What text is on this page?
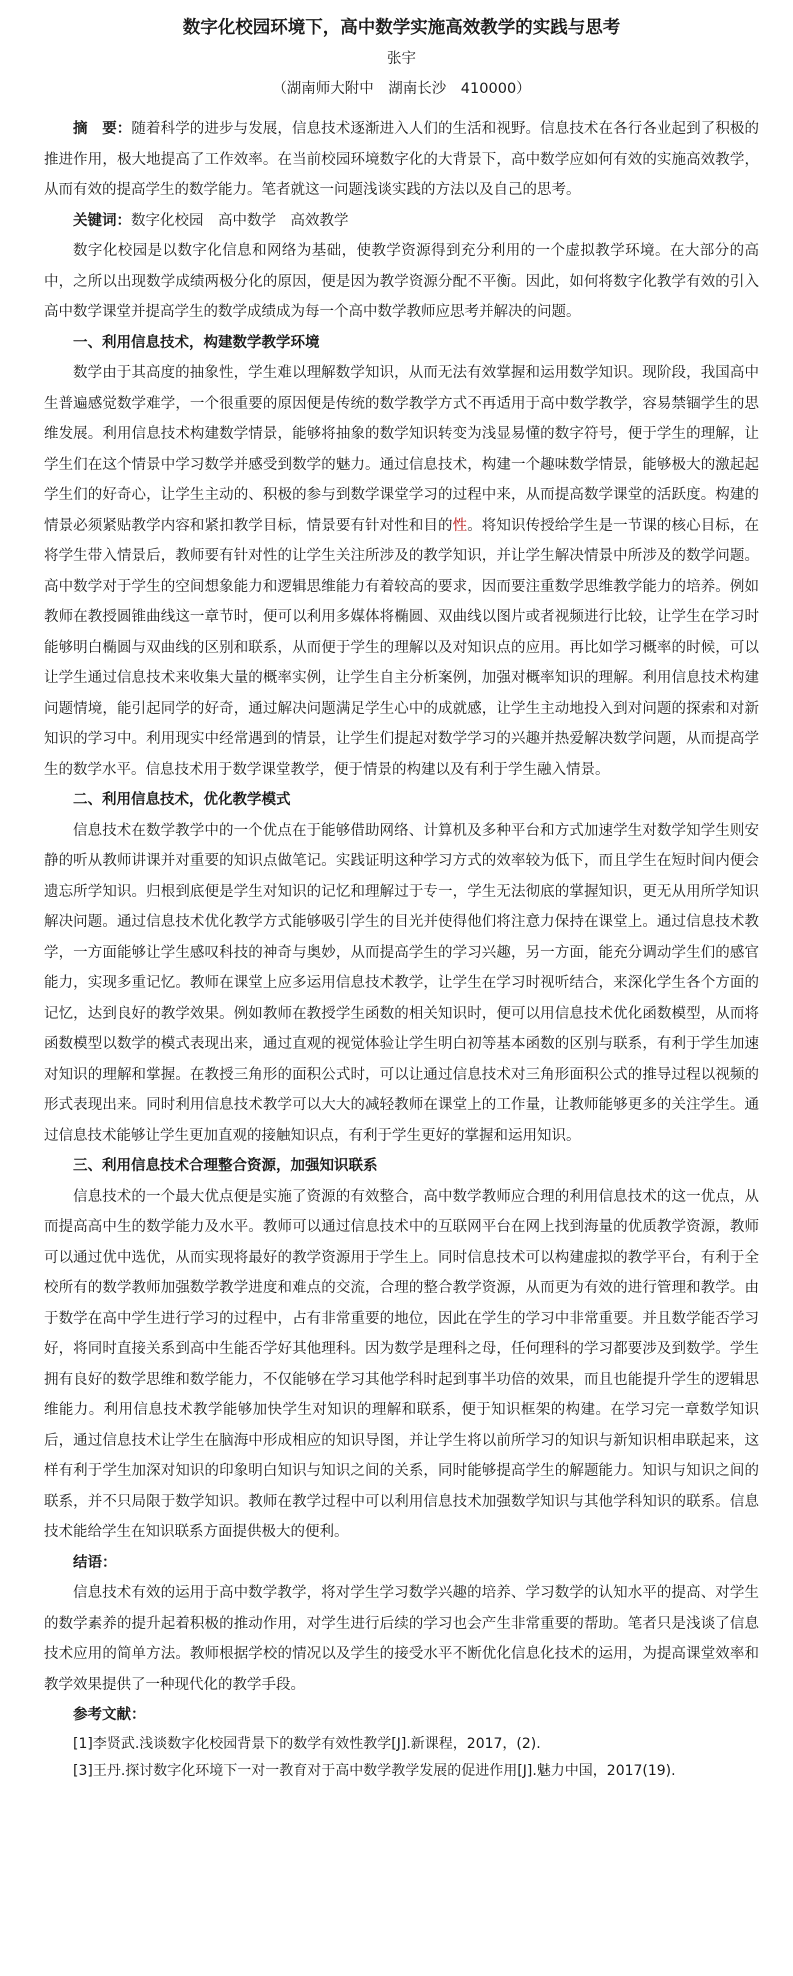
数字化校园环境下，高中数学实施高效教学的实践与思考
张宇
（湖南师大附中　湖南长沙　410000）

摘　要：随着科学的进步与发展，信息技术逐渐进入人们的生活和视野。信息技术在各行各业起到了积极的推进作用，极大地提高了工作效率。在当前校园环境数字化的大背景下，高中数学应如何有效的实施高效教学，从而有效的提高学生的数学能力。笔者就这一问题浅谈实践的方法以及自己的思考。

关键词：数字化校园　高中数学　高效教学

数字化校园是以数字化信息和网络为基础，使教学资源得到充分利用的一个虚拟教学环境。在大部分的高中，之所以出现数学成绩两极分化的原因，便是因为教学资源分配不平衡。因此，如何将数字化教学有效的引入高中数学课堂并提高学生的数学成绩成为每一个高中数学教师应思考并解决的问题。

一、利用信息技术，构建数学教学环境

数学由于其高度的抽象性，学生难以理解数学知识，从而无法有效掌握和运用数学知识。现阶段，我国高中生普遍感觉数学难学，一个很重要的原因便是传统的数学教学方式不再适用于高中数学教学，容易禁锢学生的思维发展。利用信息技术构建数学情景，能够将抽象的数学知识转变为浅显易懂的数字符号，便于学生的理解，让学生们在这个情景中学习数学并感受到数学的魅力。通过信息技术，构建一个趣味数学情景，能够极大的激起起学生们的好奇心，让学生主动的、积极的参与到数学课堂学习的过程中来，从而提高数学课堂的活跃度。构建的情景必须紧贴教学内容和紧扣教学目标，情景要有针对性和目的性。将知识传授给学生是一节课的核心目标，在将学生带入情景后，教师要有针对性的让学生关注所涉及的教学知识，并让学生解决情景中所涉及的数学问题。高中数学对于学生的空间想象能力和逻辑思维能力有着较高的要求，因而要注重数学思维教学能力的培养。例如教师在教授圆锥曲线这一章节时，便可以利用多媒体将椭圆、双曲线以图片或者视频进行比较，让学生在学习时能够明白椭圆与双曲线的区别和联系，从而便于学生的理解以及对知识点的应用。再比如学习概率的时候，可以让学生通过信息技术来收集大量的概率实例，让学生自主分析案例，加强对概率知识的理解。利用信息技术构建问题情境，能引起同学的好奇，通过解决问题满足学生心中的成就感，让学生主动地投入到对问题的探索和对新知识的学习中。利用现实中经常遇到的情景，让学生们提起对数学学习的兴趣并热爱解决数学问题，从而提高学生的数学水平。信息技术用于数学课堂教学，便于情景的构建以及有利于学生融入情景。

二、利用信息技术，优化教学模式

信息技术在数学教学中的一个优点在于能够借助网络、计算机及多种平台和方式加速学生对数学知学生则安静的听从教师讲课并对重要的知识点做笔记。实践证明这种学习方式的效率较为低下，而且学生在短时间内便会遗忘所学知识。归根到底便是学生对知识的记忆和理解过于专一，学生无法彻底的掌握知识，更无从用所学知识解决问题。通过信息技术优化教学方式能够吸引学生的目光并使得他们将注意力保持在课堂上。通过信息技术教学，一方面能够让学生感叹科技的神奇与奥妙，从而提高学生的学习兴趣，另一方面，能充分调动学生们的感官能力，实现多重记忆。教师在课堂上应多运用信息技术教学，让学生在学习时视听结合，来深化学生各个方面的记忆，达到良好的教学效果。例如教师在教授学生函数的相关知识时，便可以用信息技术优化函数模型，从而将函数模型以数学的模式表现出来，通过直观的视觉体验让学生明白初等基本函数的区别与联系，有利于学生加速对知识的理解和掌握。在教授三角形的面积公式时，可以让通过信息技术对三角形面积公式的推导过程以视频的形式表现出来。同时利用信息技术教学可以大大的减轻教师在课堂上的工作量，让教师能够更多的关注学生。通过信息技术能够让学生更加直观的接触知识点，有利于学生更好的掌握和运用知识。

三、利用信息技术合理整合资源，加强知识联系

信息技术的一个最大优点便是实施了资源的有效整合，高中数学教师应合理的利用信息技术的这一优点，从而提高高中生的数学能力及水平。教师可以通过信息技术中的互联网平台在网上找到海量的优质教学资源，教师可以通过优中选优，从而实现将最好的教学资源用于学生上。同时信息技术可以构建虚拟的教学平台，有利于全校所有的数学教师加强数学教学进度和难点的交流，合理的整合教学资源，从而更为有效的进行管理和教学。由于数学在高中学生进行学习的过程中，占有非常重要的地位，因此在学生的学习中非常重要。并且数学能否学习好，将同时直接关系到高中生能否学好其他理科。因为数学是理科之母，任何理科的学习都要涉及到数学。学生拥有良好的数学思维和数学能力，不仅能够在学习其他学科时起到事半功倍的效果，而且也能提升学生的逻辑思维能力。利用信息技术教学能够加快学生对知识的理解和联系，便于知识框架的构建。在学习完一章数学知识后，通过信息技术让学生在脑海中形成相应的知识导图，并让学生将以前所学习的知识与新知识相串联起来，这样有利于学生加深对知识的印象明白知识与知识之间的关系，同时能够提高学生的解题能力。知识与知识之间的联系，并不只局限于数学知识。教师在教学过程中可以利用信息技术加强数学知识与其他学科知识的联系。信息技术能给学生在知识联系方面提供极大的便利。

结语：

信息技术有效的运用于高中数学教学，将对学生学习数学兴趣的培养、学习数学的认知水平的提高、对学生的数学素养的提升起着积极的推动作用，对学生进行后续的学习也会产生非常重要的帮助。笔者只是浅谈了信息技术应用的简单方法。教师根据学校的情况以及学生的接受水平不断优化信息化技术的运用，为提高课堂效率和教学效果提供了一种现代化的教学手段。

参考文献：

[1]李贤武.浅谈数字化校园背景下的数学有效性教学[J].新课程，2017，(2).

[3]王丹.探讨数字化环境下一对一教育对于高中数学教学发展的促进作用[J].魅力中国，2017(19).
